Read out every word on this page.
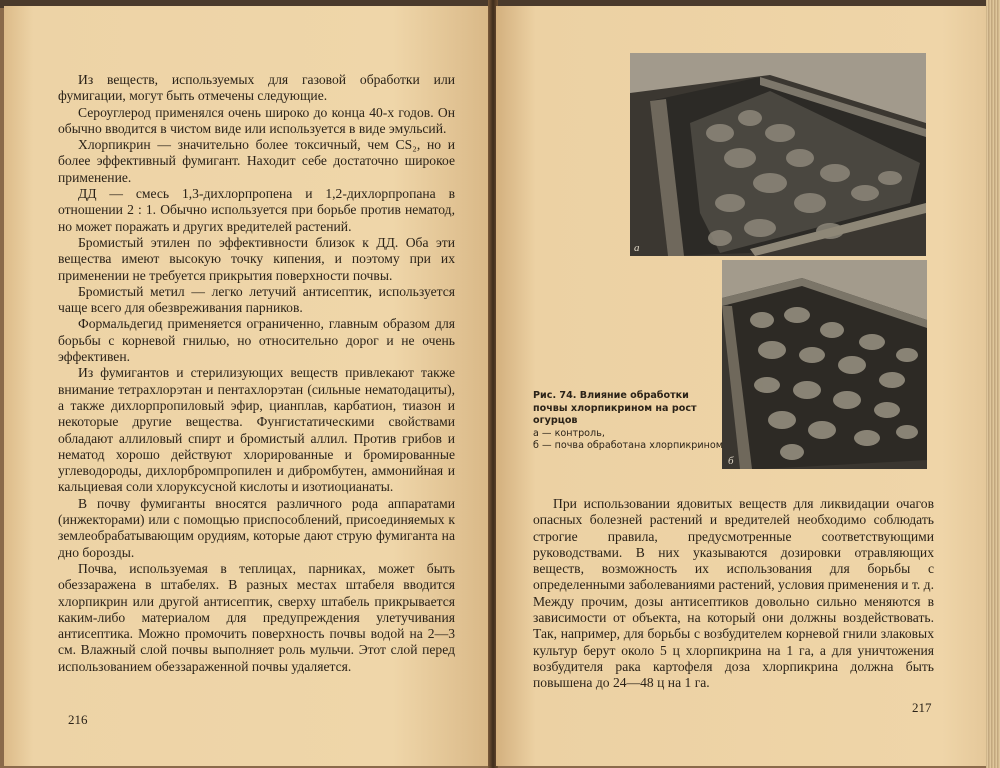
Из веществ, используемых для газовой обработки или фумигации, могут быть отмечены следующие.

Сероуглерод применялся очень широко до конца 40-х годов. Он обычно вводится в чистом виде или используется в виде эмульсий.

Хлорпикрин — значительно более токсичный, чем CS₂, но и более эффективный фумигант. Находит себе достаточно широкое применение.

ДД — смесь 1,3-дихлорпропена и 1,2-дихлорпропана в отношении 2 : 1. Обычно используется при борьбе против нематод, но может поражать и других вредителей растений.

Бромистый этилен по эффективности близок к ДД. Оба эти вещества имеют высокую точку кипения, и поэтому при их применении не требуется прикрытия поверхности почвы.

Бромистый метил — легко летучий антисептик, используется чаще всего для обезвреживания парников.

Формальдегид применяется ограниченно, главным образом для борьбы с корневой гнилью, но относительно дорог и не очень эффективен.

Из фумигантов и стерилизующих веществ привлекают также внимание тетрахлорэтан и пентахлорэтан (сильные нематодациты), а также дихлорпропиловый эфир, цианплав, карбатион, тиазон и некоторые другие вещества. Фунгистатическими свойствами обладают аллиловый спирт и бромистый аллил. Против грибов и нематод хорошо действуют хлорированные и бромированные углеводороды, дихлорбромпропилен и дибромбутен, аммонийная и кальциевая соли хлоруксусной кислоты и изотиоцианаты.

В почву фумиганты вносятся различного рода аппаратами (инжекторами) или с помощью приспособлений, присоединяемых к землеобрабатывающим орудиям, которые дают струю фумиганта на дно борозды.

Почва, используемая в теплицах, парниках, может быть обеззаражена в штабелях. В разных местах штабеля вводится хлорпикрин или другой антисептик, сверху штабель прикрывается каким-либо материалом для предупреждения улетучивания антисептика. Можно промочить поверхность почвы водой на 2—3 см. Влажный слой почвы выполняет роль мульчи. Этот слой перед использованием обеззараженной почвы удаляется.

216
а
б
Рис. 74. Влияние обработки почвы хлорпикрином на рост огурцов
а — контроль,
б — почва обработана хлорпикрином

При использовании ядовитых веществ для ликвидации очагов опасных болезней растений и вредителей необходимо соблюдать строгие правила, предусмотренные соответствующими руководствами. В них указываются дозировки отравляющих веществ, возможность их использования для борьбы с определенными заболеваниями растений, условия применения и т. д. Между прочим, дозы антисептиков довольно сильно меняются в зависимости от объекта, на который они должны воздействовать. Так, например, для борьбы с возбудителем корневой гнили злаковых культур берут около 5 ц хлорпикрина на 1 га, а для уничтожения возбудителя рака картофеля доза хлорпикрина должна быть повышена до 24—48 ц на 1 га.

217
